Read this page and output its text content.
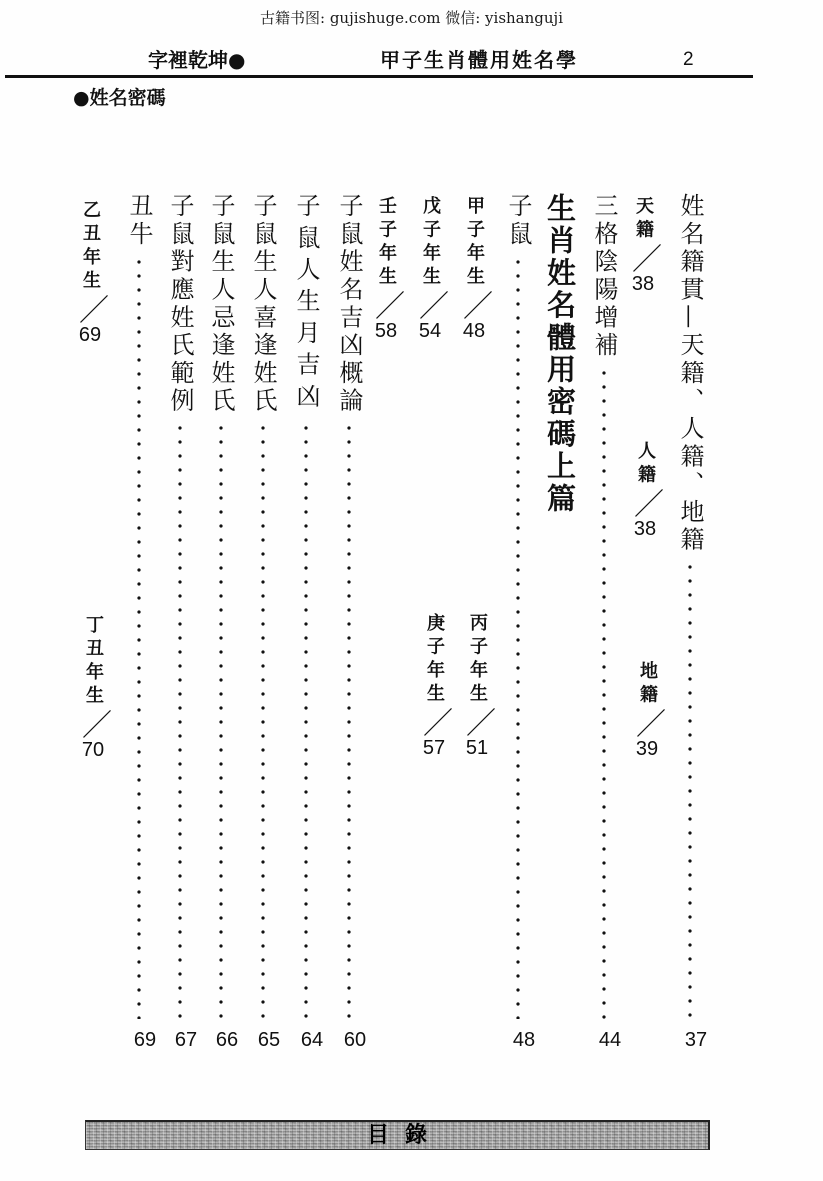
古籍书图: gujishuge.com 微信: yishanguji
字裡乾坤●	甲子生肖體用姓名學	2
●姓名密碼
姓名籍貫—天籍、人籍、地籍
37
天籍
／
38
人籍
／
38
地籍
／
39
三格陰陽增補
44
生肖姓名體用密碼上篇
子鼠
48
甲子年生
／
48
丙子年生
／
51
戊子年生
／
54
庚子年生
／
57
壬子年生
／
58
子鼠姓名吉凶概論
60
子鼠人生月吉凶
64
子鼠生人喜逢姓氏
65
子鼠生人忌逢姓氏
66
子鼠對應姓氏範例
67
丑牛
69
乙丑年生
／
69
丁丑年生
／
70
目錄
